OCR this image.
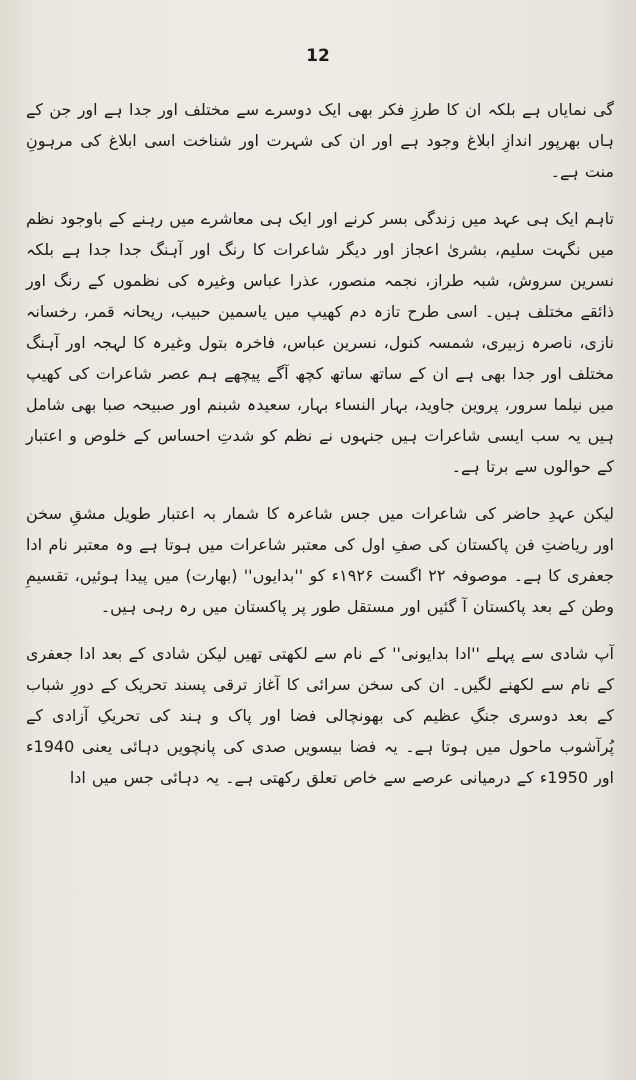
12

گی نمایاں ہے بلکہ ان کا طرزِ فکر بھی ایک دوسرے سے مختلف اور جدا ہے اور جن کے ہاں بھرپور اندازِ ابلاغ وجود ہے اور ان کی شہرت اور شناخت اسی ابلاغ کی مرہونِ منت ہے۔

تاہم ایک ہی عہد میں زندگی بسر کرنے اور ایک ہی معاشرے میں رہنے کے باوجود نظم میں نگہت سلیم، بشریٰ اعجاز اور دیگر شاعرات کا رنگ اور آہنگ جدا جدا ہے بلکہ نسرین سروش، شبہ طراز، نجمہ منصور، عذرا عباس وغیرہ کی نظموں کے رنگ اور ذائقے مختلف ہیں۔ اسی طرح تازہ دم کھیپ میں یاسمین حبیب، ریحانہ قمر، رخسانہ نازی، ناصرہ زبیری، شمسہ کنول، نسرین عباس، فاخرہ بتول وغیرہ کا لہجہ اور آہنگ مختلف اور جدا بھی ہے ان کے ساتھ ساتھ کچھ آگے پیچھے ہم عصر شاعرات کی کھیپ میں نیلما سرور، پروین جاوید، بہار النساء بہار، سعیدہ شبنم اور صبیحہ صبا بھی شامل ہیں یہ سب ایسی شاعرات ہیں جنہوں نے نظم کو شدتِ احساس کے خلوص و اعتبار کے حوالوں سے برتا ہے۔

لیکن عہدِ حاضر کی شاعرات میں جس شاعرہ کا شمار بہ اعتبار طویل مشقِ سخن اور ریاضتِ فن پاکستان کی صفِ اول کی معتبر شاعرات میں ہوتا ہے وہ معتبر نام ادا جعفری کا ہے۔ موصوفہ ۲۲ اگست ۱۹۲۶ء کو ''بدایوں'' (بھارت) میں پیدا ہوئیں، تقسیمِ وطن کے بعد پاکستان آ گئیں اور مستقل طور پر پاکستان میں رہ رہی ہیں۔

آپ شادی سے پہلے ''ادا بدایونی'' کے نام سے لکھتی تھیں لیکن شادی کے بعد ادا جعفری کے نام سے لکھنے لگیں۔ ان کی سخن سرائی کا آغاز ترقی پسند تحریک کے دورِ شباب کے بعد دوسری جنگِ عظیم کی بھونچالی فضا اور پاک و ہند کی تحریکِ آزادی کے پُرآشوب ماحول میں ہوتا ہے۔ یہ فضا بیسویں صدی کی پانچویں دہائی یعنی 1940ء اور 1950ء کے درمیانی عرصے سے خاص تعلق رکھتی ہے۔ یہ دہائی جس میں ادا
